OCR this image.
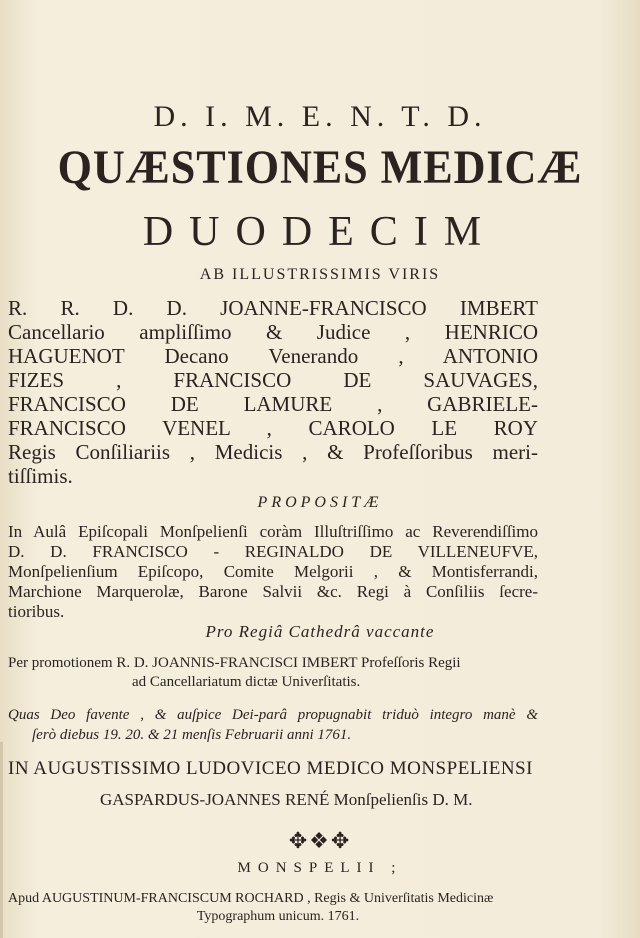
D. I. M. E. N. T. D.
QUÆSTIONES MEDICÆ
DUODECIM
AB ILLUSTRISSIMIS VIRIS
R. R. D. D. JOANNE-FRANCISCO IMBERT
Cancellario ampliſſimo & Judice , HENRICO
HAGUENOT Decano Venerando , ANTONIO
FIZES , FRANCISCO DE SAUVAGES,
FRANCISCO DE LAMURE , GABRIELE-
FRANCISCO VENEL , CAROLO LE ROY
Regis Conſiliariis , Medicis , & Profeſſoribus meri-
tiſſimis.
PROPOSITÆ
In Aulâ Epiſcopali Monſpelienſi coràm Illuſtriſſimo ac Reverendiſſimo
D. D. FRANCISCO - REGINALDO DE VILLENEUFVE,
Monſpelienſium Epiſcopo, Comite Melgorii , & Montisferrandi,
Marchione Marquerolæ, Barone Salvii &c. Regi à Conſiliis ſecre-
tioribus.
Pro Regiâ Cathedrâ vaccante
Per promotionem R. D. JOANNIS-FRANCISCI IMBERT Profeſſoris Regii
ad Cancellariatum dictæ Univerſitatis.
Quas Deo favente , & auſpice Dei-parâ propugnabit triduò integro manè &
ſerò diebus 19. 20. & 21 menſis Februarii anni 1761.
IN AUGUSTISSIMO LUDOVICEO MEDICO MONSPELIENSI
GASPARDUS-JOANNES RENÉ Monſpelienſis D. M.
✥❖✥
MONSPELII ;
Apud AUGUSTINUM-FRANCISCUM ROCHARD , Regis & Univerſitatis Medicinæ
Typographum unicum. 1761.
